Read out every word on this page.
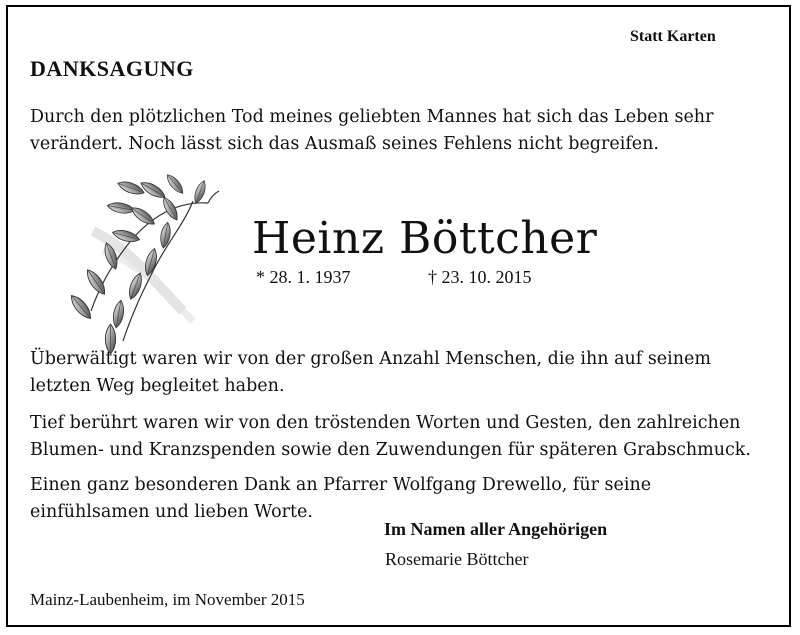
Statt Karten
DANKSAGUNG
Durch den plötzlichen Tod meines geliebten Mannes hat sich das Leben sehr
verändert. Noch lässt sich das Ausmaß seines Fehlens nicht begreifen.
Heinz Böttcher
* 28. 1. 1937	† 23. 10. 2015
Überwältigt waren wir von der großen Anzahl Menschen, die ihn auf seinem
letzten Weg begleitet haben.
Tief berührt waren wir von den tröstenden Worten und Gesten, den zahlreichen
Blumen- und Kranzspenden sowie den Zuwendungen für späteren Grabschmuck.
Einen ganz besonderen Dank an Pfarrer Wolfgang Drewello, für seine
einfühlsamen und lieben Worte.
Im Namen aller Angehörigen
Rosemarie Böttcher
Mainz-Laubenheim, im November 2015
